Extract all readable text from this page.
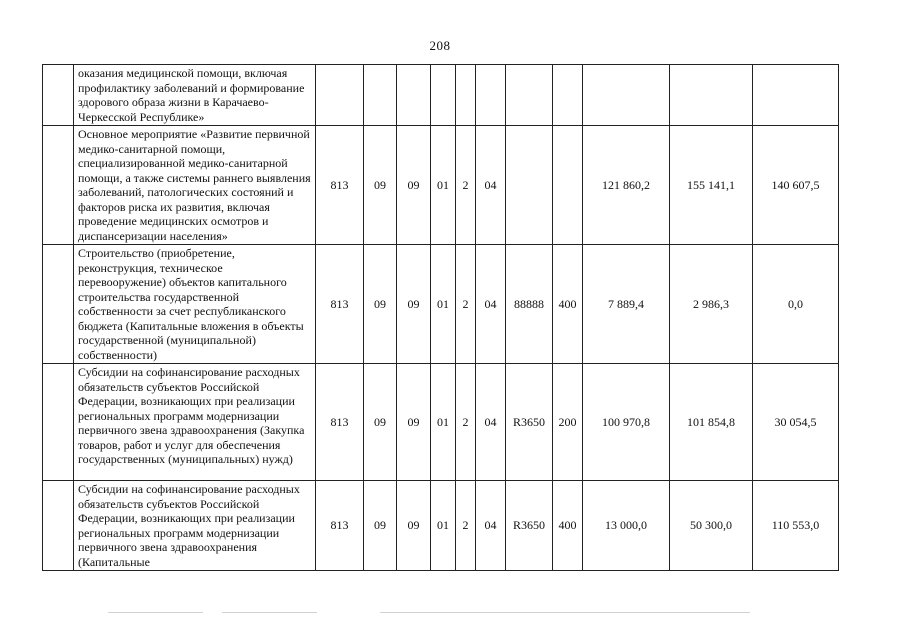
208
	оказания медицинской помощи, включая профилактику заболеваний и формирование здорового образа жизни в Карачаево-Черкесской Республике»											
	Основное мероприятие «Развитие первичной медико-санитарной помощи, специализированной медико-санитарной помощи, а также системы раннего выявления заболеваний, патологических состояний и факторов риска их развития, включая проведение медицинских осмотров и диспансеризации населения»	813	09	09	01	2	04			121 860,2	155 141,1	140 607,5
	Строительство (приобретение, реконструкция, техническое перевооружение) объектов капитального строительства государственной собственности за счет республиканского бюджета (Капитальные вложения в объекты государственной (муниципальной) собственности)	813	09	09	01	2	04	88888	400	7 889,4	2 986,3	0,0
	Субсидии на софинансирование расходных обязательств субъектов Российской Федерации, возникающих при реализации региональных программ модернизации первичного звена здравоохранения (Закупка товаров, работ и услуг для обеспечения государственных (муниципальных) нужд)	813	09	09	01	2	04	R3650	200	100 970,8	101 854,8	30 054,5
	Субсидии на софинансирование расходных обязательств субъектов Российской Федерации, возникающих при реализации региональных программ модернизации первичного звена здравоохранения (Капитальные	813	09	09	01	2	04	R3650	400	13 000,0	50 300,0	110 553,0
